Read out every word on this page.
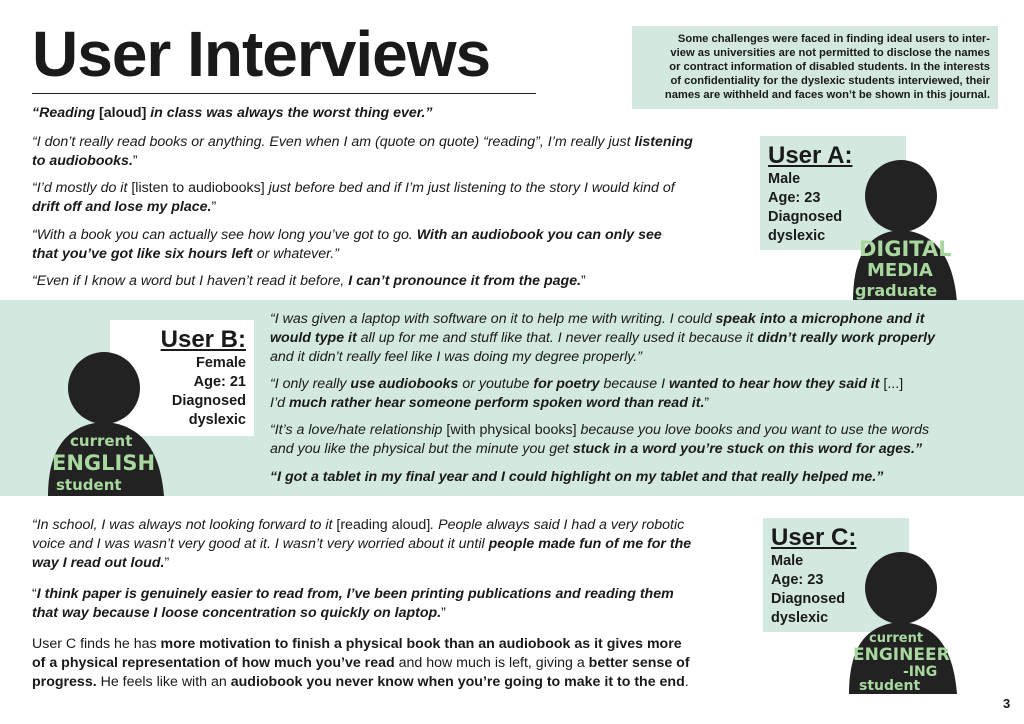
User Interviews	Some challenges were faced in finding ideal users to inter-
view as universities are not permitted to disclose the names
or contract information of disabled students. In the interests
of confidentiality for the dyslexic students interviewed, their
names are withheld and faces won’t be shown in this journal.

“Reading [aloud] in class was always the worst thing ever.”

“I don’t really read books or anything. Even when I am (quote on quote) “reading”, I’m really just listening
to audiobooks.”

“I’d mostly do it [listen to audiobooks] just before bed and if I’m just listening to the story I would kind of
drift off and lose my place.”

“With a book you can actually see how long you’ve got to go. With an audiobook you can only see
that you’ve got like six hours left or whatever.”

“Even if I know a word but I haven’t read it before, I can’t pronounce it from the page.”

User A:
Male
Age: 23
Diagnosed
dyslexic
DIGITAL
MEDIA
graduate
User B:
Female
Age: 21
Diagnosed
dyslexic
current
ENGLISH
student

“I was given a laptop with software on it to help me with writing. I could speak into a microphone and it
would type it all up for me and stuff like that. I never really used it because it didn’t really work properly
and it didn’t really feel like I was doing my degree properly.”

“I only really use audiobooks or youtube for poetry because I wanted to hear how they said it [...]
I’d much rather hear someone perform spoken word than read it.”

“It’s a love/hate relationship [with physical books] because you love books and you want to use the words
and you like the physical but the minute you get stuck in a word you’re stuck on this word for ages.”

“I got a tablet in my final year and I could highlight on my tablet and that really helped me.”

“In school, I was always not looking forward to it [reading aloud]. People always said I had a very robotic
voice and I was wasn’t very good at it. I wasn’t very worried about it until people made fun of me for the
way I read out loud.”

“I think paper is genuinely easier to read from, I’ve been printing publications and reading them
that way because I loose concentration so quickly on laptop.”

User C finds he has more motivation to finish a physical book than an audiobook as it gives more
of a physical representation of how much you’ve read and how much is left, giving a better sense of
progress. He feels like with an audiobook you never know when you’re going to make it to the end.

User C:
Male
Age: 23
Diagnosed
dyslexic
current
ENGINEER
-ING
student
3
